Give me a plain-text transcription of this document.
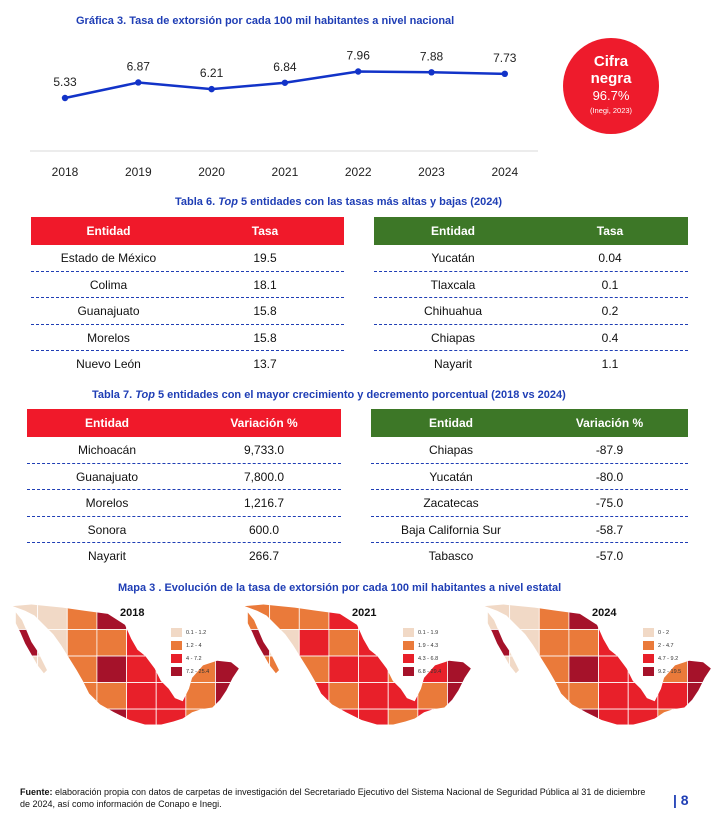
Gráfica 3. Tasa de extorsión por cada 100 mil habitantes a nivel nacional
5.33
2018
6.87
2019
6.21
2020
6.84
2021
7.96
2022
7.88
2023
7.73
2024
Cifra
negra
96.7%
(Inegi, 2023)
Tabla 6. Top 5 entidades con las tasas más altas y bajas (2024)
Entidad	Tasa
Estado de México	19.5
Colima	18.1
Guanajuato	15.8
Morelos	15.8
Nuevo León	13.7
Entidad	Tasa
Yucatán	0.04
Tlaxcala	0.1
Chihuahua	0.2
Chiapas	0.4
Nayarit	1.1
Tabla 7. Top 5 entidades con el mayor crecimiento y decremento porcentual (2018 vs 2024)
Entidad	Variación %
Michoacán	9,733.0
Guanajuato	7,800.0
Morelos	1,216.7
Sonora	600.0
Nayarit	266.7
Entidad	Variación %
Chiapas	-87.9
Yucatán	-80.0
Zacatecas	-75.0
Baja California Sur	-58.7
Tabasco	-57.0
Mapa 3 . Evolución de la tasa de extorsión por cada 100 mil habitantes a nivel estatal
2018
0.1 - 1.2
1.2 - 4
4 - 7.2
7.2 - 25.4
2021
0.1 - 1.9
1.9 - 4.3
4.3 - 6.8
6.8 - 29.4
2024
0 - 2
2 - 4.7
4.7 - 9.2
9.2 - 19.5
Fuente: elaboración propia con datos de carpetas de investigación del Secretariado Ejecutivo del Sistema Nacional de Seguridad Pública al 31 de diciembre de 2024, así como información de Conapo e Inegi.	| 8
